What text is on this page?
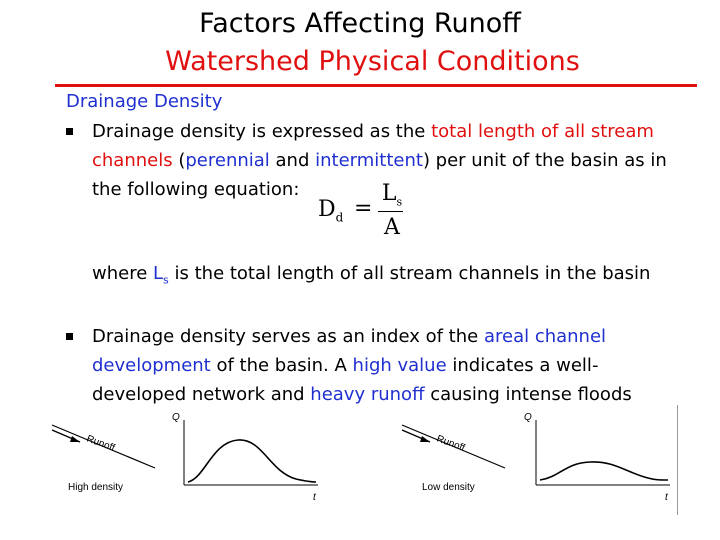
Factors Affecting Runoff
Watershed Physical Conditions
Drainage Density
Drainage density is expressed as the total length of all stream
channels (perennial and intermittent) per unit of the basin as in
the following equation:
$D_d$ =
$L_s$
A
where $L_s$ is the total length of all stream channels in the basin
Drainage density serves as an index of the areal channel
development of the basin. A high value indicates a well-
developed network and heavy runoff causing intense floods
Runoff
High density
Q
t
Runoff
Low density
Q
t
